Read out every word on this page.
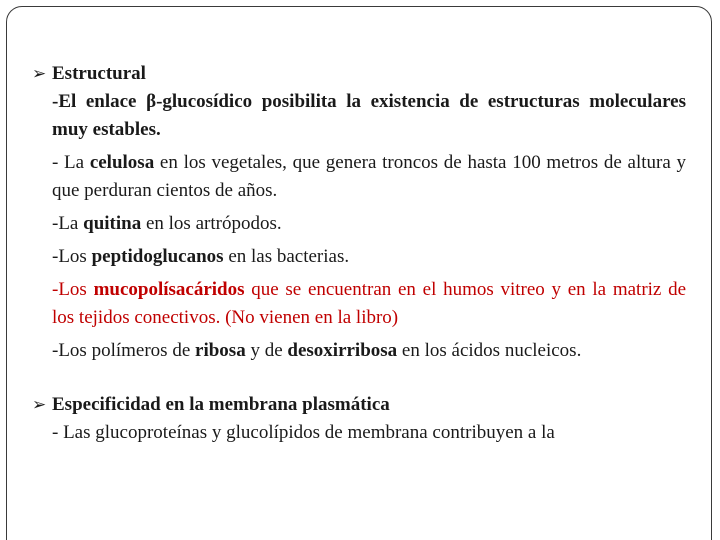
➢ Estructural

-El enlace β-glucosídico posibilita la existencia de estructuras moleculares muy estables.

- La celulosa en los vegetales, que genera troncos de hasta 100 metros de altura y que perduran cientos de años.

-La quitina en los artrópodos.

-Los peptidoglucanos en las bacterias.

-Los mucopolísacáridos que se encuentran en el humos vitreo y en la matriz de los tejidos conectivos. (No vienen en la libro)

-Los polímeros de ribosa y de desoxirribosa en los ácidos nucleicos.

➢ Especificidad en la membrana plasmática

- Las glucoproteínas y glucolípidos de membrana contribuyen a la
